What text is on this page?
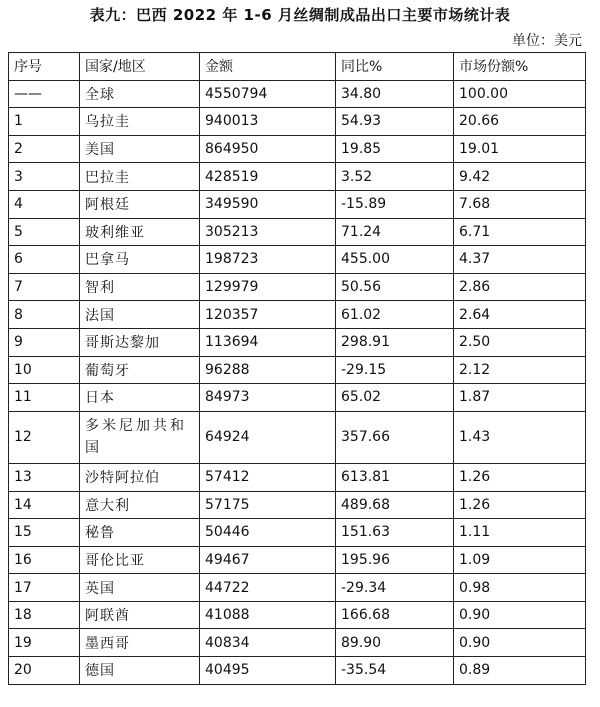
表九：巴西 2022 年 1-6 月丝绸制成品出口主要市场统计表
单位：美元
序号	国家/地区	金额	同比%	市场份额%
——	全球	4550794	34.80	100.00
1	乌拉圭	940013	54.93	20.66
2	美国	864950	19.85	19.01
3	巴拉圭	428519	3.52	9.42
4	阿根廷	349590	-15.89	7.68
5	玻利维亚	305213	71.24	6.71
6	巴拿马	198723	455.00	4.37
7	智利	129979	50.56	2.86
8	法国	120357	61.02	2.64
9	哥斯达黎加	113694	298.91	2.50
10	葡萄牙	96288	-29.15	2.12
11	日本	84973	65.02	1.87
12	多米尼加共和国	64924	357.66	1.43
13	沙特阿拉伯	57412	613.81	1.26
14	意大利	57175	489.68	1.26
15	秘鲁	50446	151.63	1.11
16	哥伦比亚	49467	195.96	1.09
17	英国	44722	-29.34	0.98
18	阿联酋	41088	166.68	0.90
19	墨西哥	40834	89.90	0.90
20	德国	40495	-35.54	0.89
